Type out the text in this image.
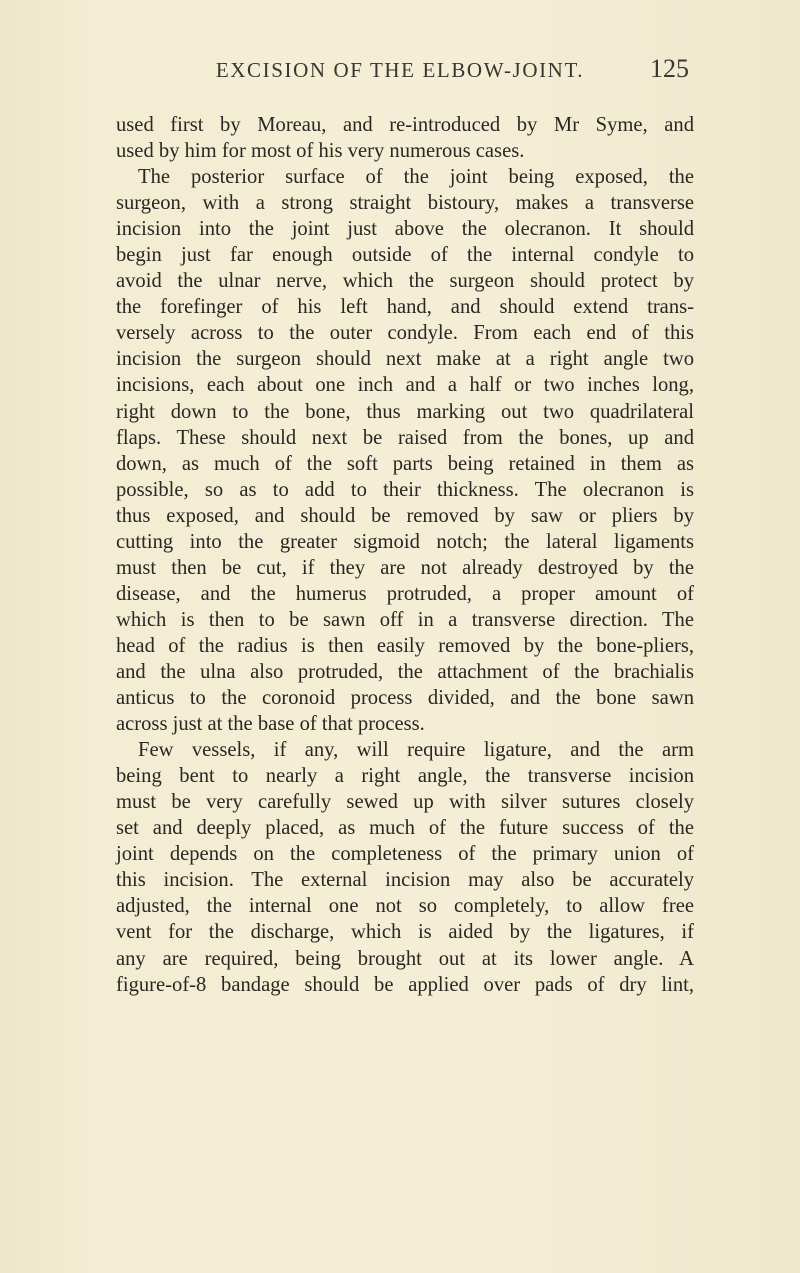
EXCISION OF THE ELBOW-JOINT.	125
used first by Moreau, and re-introduced by Mr Syme, and
used by him for most of his very numerous cases.
The posterior surface of the joint being exposed, the
surgeon, with a strong straight bistoury, makes a transverse
incision into the joint just above the olecranon. It should
begin just far enough outside of the internal condyle to
avoid the ulnar nerve, which the surgeon should protect by
the forefinger of his left hand, and should extend trans-
versely across to the outer condyle. From each end of this
incision the surgeon should next make at a right angle two
incisions, each about one inch and a half or two inches long,
right down to the bone, thus marking out two quadrilateral
flaps. These should next be raised from the bones, up and
down, as much of the soft parts being retained in them as
possible, so as to add to their thickness. The olecranon is
thus exposed, and should be removed by saw or pliers by
cutting into the greater sigmoid notch; the lateral ligaments
must then be cut, if they are not already destroyed by the
disease, and the humerus protruded, a proper amount of
which is then to be sawn off in a transverse direction. The
head of the radius is then easily removed by the bone-pliers,
and the ulna also protruded, the attachment of the brachialis
anticus to the coronoid process divided, and the bone sawn
across just at the base of that process.
Few vessels, if any, will require ligature, and the arm
being bent to nearly a right angle, the transverse incision
must be very carefully sewed up with silver sutures closely
set and deeply placed, as much of the future success of the
joint depends on the completeness of the primary union of
this incision. The external incision may also be accurately
adjusted, the internal one not so completely, to allow free
vent for the discharge, which is aided by the ligatures, if
any are required, being brought out at its lower angle. A
figure-of-8 bandage should be applied over pads of dry lint,
